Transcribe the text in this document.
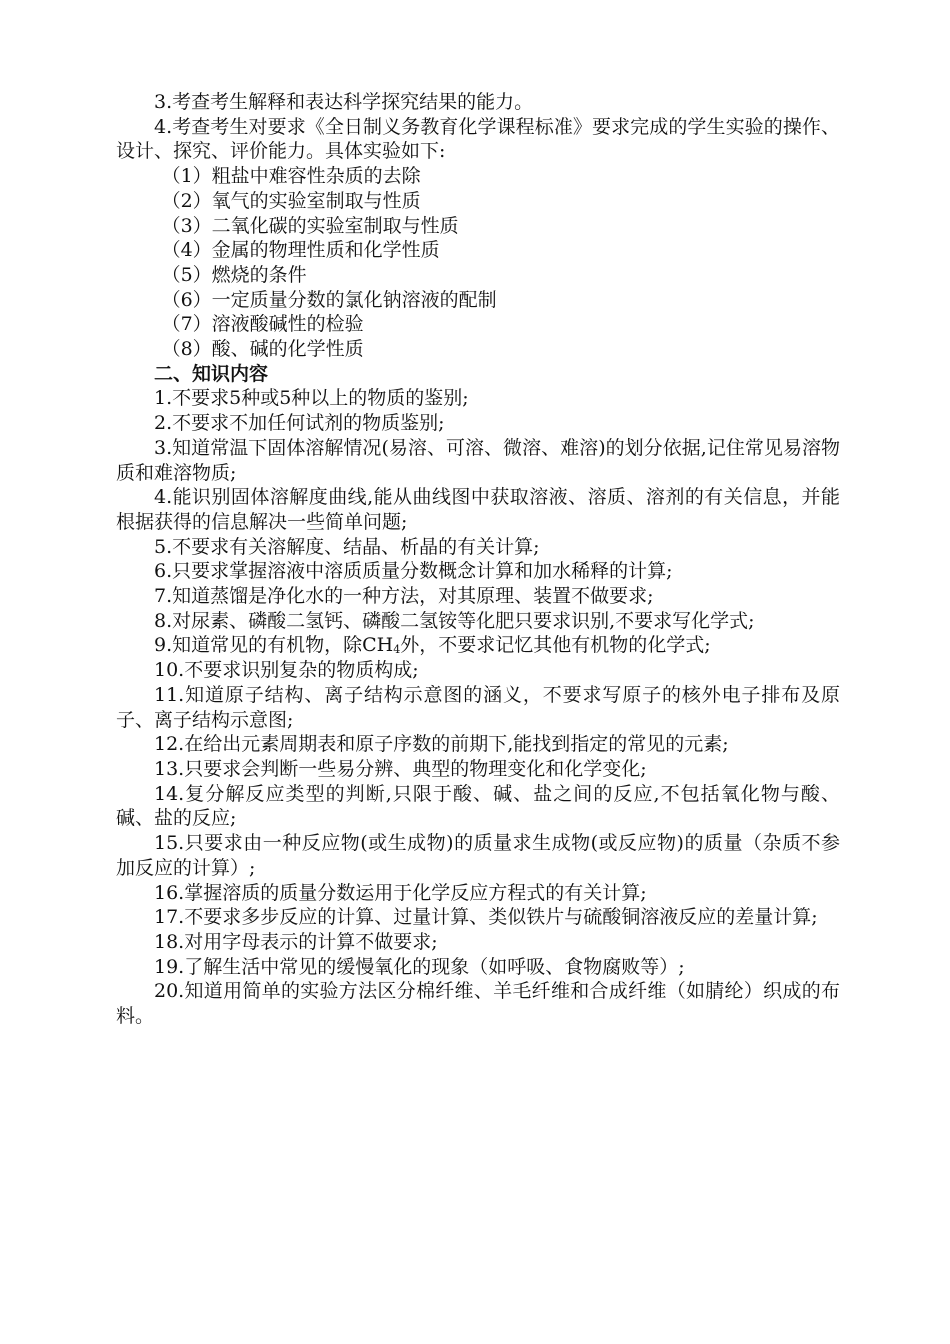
3.考查考生解释和表达科学探究结果的能力。

4.考查考生对要求《全日制义务教育化学课程标准》要求完成的学生实验的操作、设计、探究、评价能力。具体实验如下:

（1）粗盐中难容性杂质的去除

（2）氧气的实验室制取与性质

（3）二氧化碳的实验室制取与性质

（4）金属的物理性质和化学性质

（5）燃烧的条件

（6）一定质量分数的氯化钠溶液的配制

（7）溶液酸碱性的检验

（8）酸、碱的化学性质

二、知识内容

1.不要求5种或5种以上的物质的鉴别;

2.不要求不加任何试剂的物质鉴别;

3.知道常温下固体溶解情况(易溶、可溶、微溶、难溶)的划分依据,记住常见易溶物质和难溶物质;

4.能识别固体溶解度曲线,能从曲线图中获取溶液、溶质、溶剂的有关信息，并能根据获得的信息解决一些简单问题;

5.不要求有关溶解度、结晶、析晶的有关计算;

6.只要求掌握溶液中溶质质量分数概念计算和加水稀释的计算;

7.知道蒸馏是净化水的一种方法，对其原理、装置不做要求;

8.对尿素、磷酸二氢钙、磷酸二氢铵等化肥只要求识别,不要求写化学式;

9.知道常见的有机物，除$CH_4$外，不要求记忆其他有机物的化学式;

10.不要求识别复杂的物质构成;

11.知道原子结构、离子结构示意图的涵义，不要求写原子的核外电子排布及原子、离子结构示意图;

12.在给出元素周期表和原子序数的前期下,能找到指定的常见的元素;

13.只要求会判断一些易分辨、典型的物理变化和化学变化;

14.复分解反应类型的判断,只限于酸、碱、盐之间的反应,不包括氧化物与酸、碱、盐的反应;

15.只要求由一种反应物(或生成物)的质量求生成物(或反应物)的质量（杂质不参加反应的计算）;

16.掌握溶质的质量分数运用于化学反应方程式的有关计算;

17.不要求多步反应的计算、过量计算、类似铁片与硫酸铜溶液反应的差量计算;

18.对用字母表示的计算不做要求;

19.了解生活中常见的缓慢氧化的现象（如呼吸、食物腐败等）;

20.知道用简单的实验方法区分棉纤维、羊毛纤维和合成纤维（如腈纶）织成的布料。
